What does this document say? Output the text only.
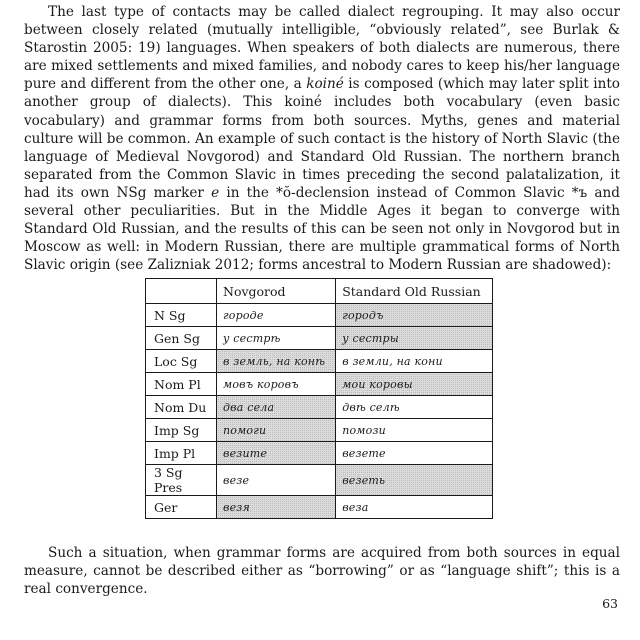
The last type of contacts may be called dialect regrouping. It may also occur between closely related (mutually intelligible, “obviously related”, see Burlak & Starostin 2005: 19) languages. When speakers of both dialects are numerous, there are mixed settlements and mixed families, and nobody cares to keep his/her language pure and different from the other one, a koiné is composed (which may later split into another group of dialects). This koiné includes both vocabulary (even basic vocabulary) and grammar forms from both sources. Myths, genes and material culture will be common. An example of such contact is the history of North Slavic (the language of Medieval Novgorod) and Standard Old Russian. The northern branch separated from the Common Slavic in times preceding the second palatalization, it had its own NSg marker e in the *ŏ-declension instead of Common Slavic *ъ and several other peculiarities. But in the Middle Ages it began to converge with Standard Old Russian, and the results of this can be seen not only in Novgorod but in Moscow as well: in Modern Russian, there are multiple grammatical forms of North Slavic origin (see Zalizniak 2012; forms ancestral to Modern Russian are shadowed):

	Novgorod	Standard Old Russian
N Sg	городе	городъ
Gen Sg	у сестрѣ	у сестры
Loc Sg	в земль, на конѣ	в земли, на кони
Nom Pl	мовъ коровъ	мои коровы
Nom Du	два села	двѣ селѣ
Imp Sg	помоги	помози
Imp Pl	везите	везете
3 Sg Pres	везе	везеть
Ger	везя	веза

Such a situation, when grammar forms are acquired from both sources in equal measure, cannot be described either as “borrowing” or as “language shift”; this is a real convergence.

63
